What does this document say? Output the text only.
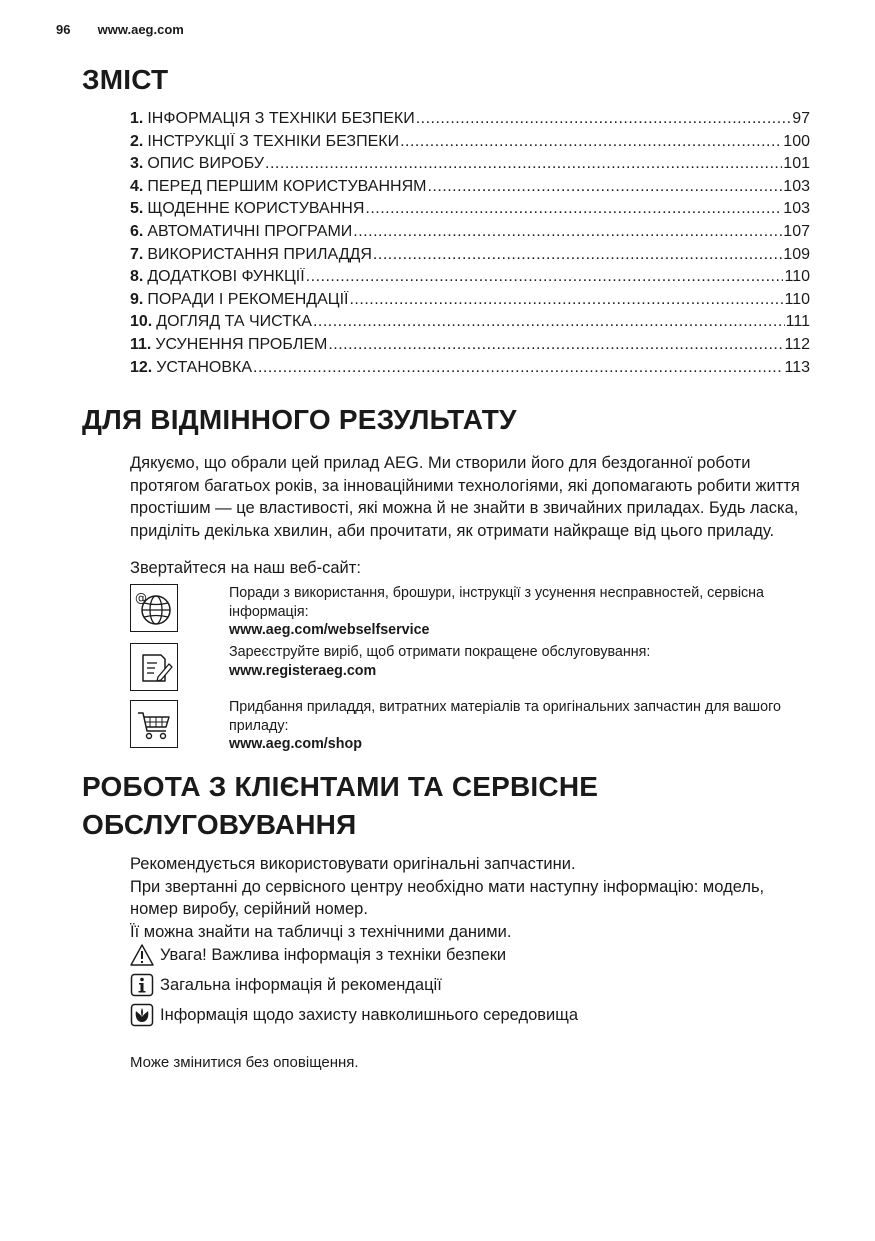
96 www.aeg.com
ЗМІСТ
1. ІНФОРМАЦІЯ З ТЕХНІКИ БЕЗПЕКИ .....	97
2. ІНСТРУКЦІЇ З ТЕХНІКИ БЕЗПЕКИ .....	100
3. ОПИС ВИРОБУ .....	101
4. ПЕРЕД ПЕРШИМ КОРИСТУВАННЯМ .....	103
5. ЩОДЕННЕ КОРИСТУВАННЯ .....	103
6. АВТОМАТИЧНІ ПРОГРАМИ .....	107
7. ВИКОРИСТАННЯ ПРИЛАДДЯ .....	109
8. ДОДАТКОВІ ФУНКЦІЇ .....	110
9. ПОРАДИ І РЕКОМЕНДАЦІЇ .....	110
10. ДОГЛЯД ТА ЧИСТКА .....	111
11. УСУНЕННЯ ПРОБЛЕМ .....	112
12. УСТАНОВКА .....	113
ДЛЯ ВІДМІННОГО РЕЗУЛЬТАТУ
Дякуємо, що обрали цей прилад AEG. Ми створили його для бездоганної роботи протягом багатьох років, за інноваційними технологіями, які допомагають робити життя простішим — це властивості, які можна й не знайти в звичайних приладах. Будь ласка, приділіть декілька хвилин, аби прочитати, як отримати найкраще від цього приладу.
Звертайтеся на наш веб-сайт:
@	Поради з використання, брошури, інструкції з усунення несправностей, сервісна інформація:
www.aeg.com/webselfservice
Зареєструйте виріб, щоб отримати покращене обслуговування:
www.registeraeg.com
Придбання приладдя, витратних матеріалів та оригінальних запчастин для вашого приладу:
www.aeg.com/shop
РОБОТА З КЛІЄНТАМИ ТА СЕРВІСНЕ ОБСЛУГОВУВАННЯ
Рекомендується використовувати оригінальні запчастини.
При звертанні до сервісного центру необхідно мати наступну інформацію: модель, номер виробу, серійний номер.
Її можна знайти на табличці з технічними даними.
Увага! Важлива інформація з техніки безпеки
Загальна інформація й рекомендації
Інформація щодо захисту навколишнього середовища
Може змінитися без оповіщення.
